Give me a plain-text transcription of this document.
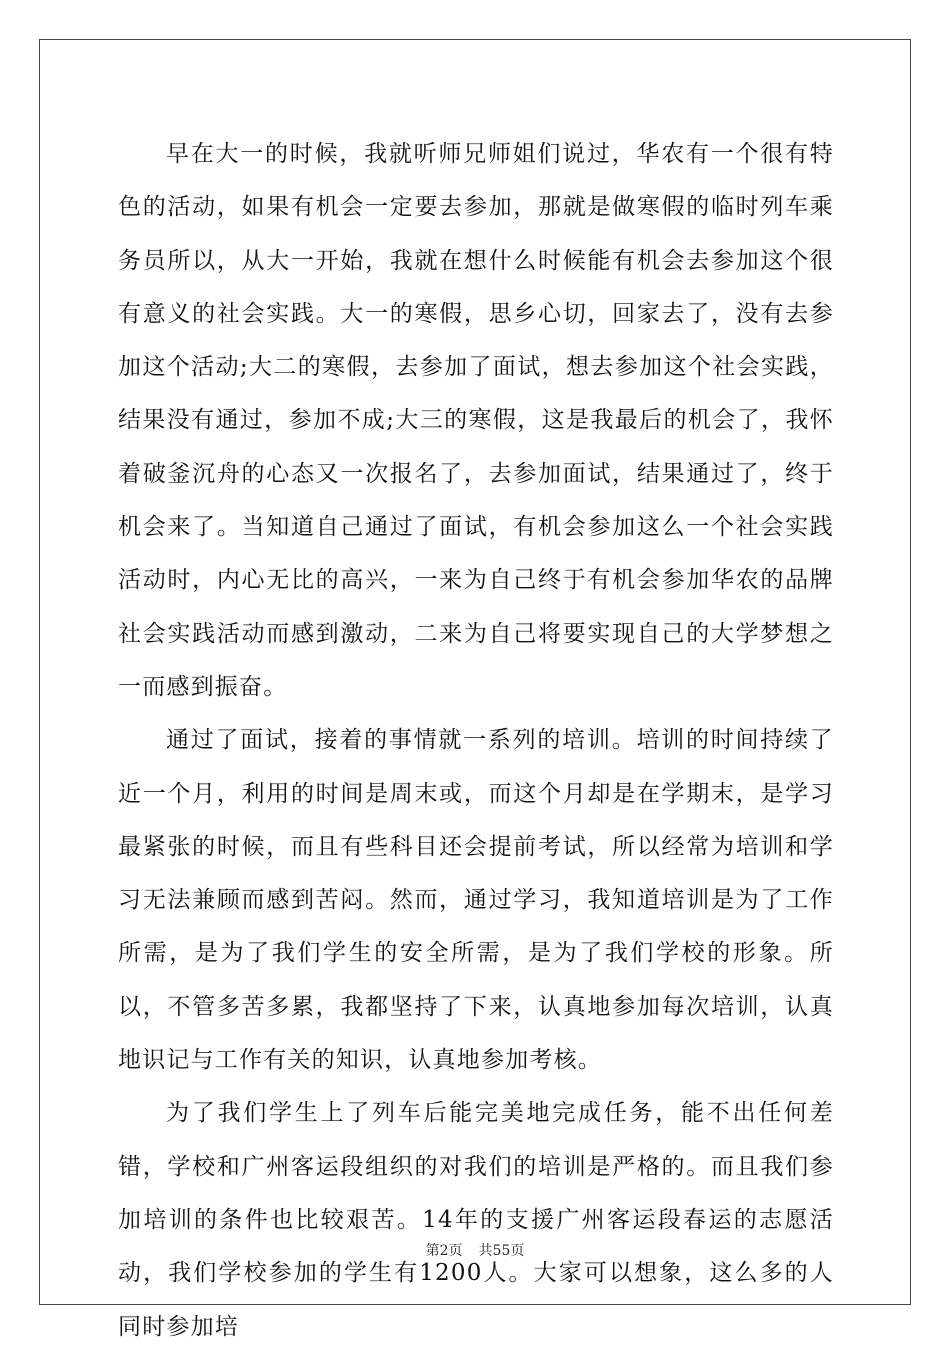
早在大一的时候，我就听师兄师姐们说过，华农有一个很有特色的活动，如果有机会一定要去参加，那就是做寒假的临时列车乘务员所以，从大一开始，我就在想什么时候能有机会去参加这个很有意义的社会实践。大一的寒假，思乡心切，回家去了，没有去参加这个活动;大二的寒假，去参加了面试，想去参加这个社会实践，结果没有通过，参加不成;大三的寒假，这是我最后的机会了，我怀着破釜沉舟的心态又一次报名了，去参加面试，结果通过了，终于机会来了。当知道自己通过了面试，有机会参加这么一个社会实践活动时，内心无比的高兴，一来为自己终于有机会参加华农的品牌社会实践活动而感到激动，二来为自己将要实现自己的大学梦想之一而感到振奋。

通过了面试，接着的事情就一系列的培训。培训的时间持续了近一个月，利用的时间是周末或，而这个月却是在学期末，是学习最紧张的时候，而且有些科目还会提前考试，所以经常为培训和学习无法兼顾而感到苦闷。然而，通过学习，我知道培训是为了工作所需，是为了我们学生的安全所需，是为了我们学校的形象。所以，不管多苦多累，我都坚持了下来，认真地参加每次培训，认真地识记与工作有关的知识，认真地参加考核。

为了我们学生上了列车后能完美地完成任务，能不出任何差错，学校和广州客运段组织的对我们的培训是严格的。而且我们参加培训的条件也比较艰苦。14年的支援广州客运段春运的志愿活动，我们学校参加的学生有1200人。大家可以想象，这么多的人同时参加培

第2页 共55页
